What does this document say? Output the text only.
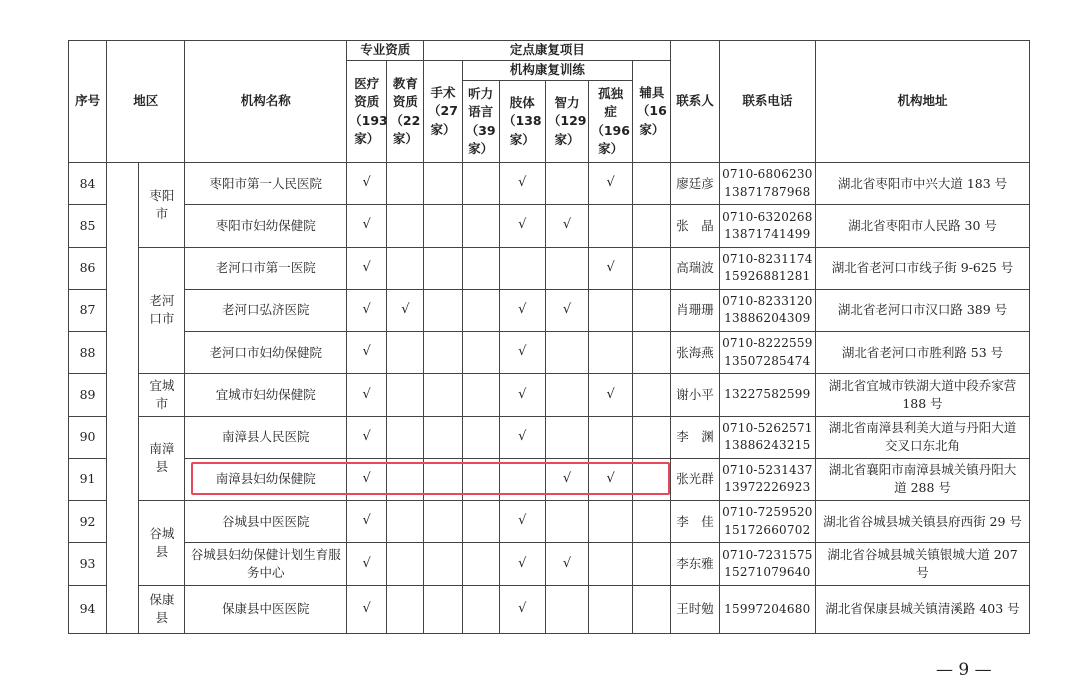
序号	地区		机构名称	专业资质		定点康复项目						联系人	联系电话	机构地址
				医疗
资质
（193
家）	教育
资质
（22
家）	手术
（27
家）	机构康复训练				辅具
（16
家）			
							听力
语言
（39
家）	肢体
（138
家）	智力
（129
家）	孤独
症
（196
家）				
84		枣阳
市	枣阳市第一人民医院	√				√		√		廖廷彦	0710-6806230
13871787968	湖北省枣阳市中兴大道 183 号
85			枣阳市妇幼保健院	√				√	√			张　晶	0710-6320268
13871741499	湖北省枣阳市人民路 30 号
86		老河
口市	老河口市第一医院	√						√		高瑞波	0710-8231174
15926881281	湖北省老河口市线子街 9-625 号
87			老河口弘济医院	√	√			√	√			肖珊珊	0710-8233120
13886204309	湖北省老河口市汉口路 389 号
88			老河口市妇幼保健院	√				√				张海燕	0710-8222559
13507285474	湖北省老河口市胜利路 53 号
89		宜城
市	宜城市妇幼保健院	√				√		√		谢小平	13227582599	湖北省宜城市铁湖大道中段乔家营
188 号
90		南漳
县	南漳县人民医院	√				√				李　渊	0710-5262571
13886243215	湖北省南漳县利美大道与丹阳大道
交叉口东北角
91			南漳县妇幼保健院	√					√	√		张光群	0710-5231437
13972226923	湖北省襄阳市南漳县城关镇丹阳大
道 288 号
92		谷城
县	谷城县中医医院	√				√				李　佳	0710-7259520
15172660702	湖北省谷城县城关镇县府西街 29 号
93			谷城县妇幼保健计划生育服
务中心	√				√	√			李东雅	0710-7231575
15271079640	湖北省谷城县城关镇银城大道 207
号
94		保康
县	保康县中医医院	√				√				王时勉	15997204680	湖北省保康县城关镇清溪路 403 号
— 9 —
